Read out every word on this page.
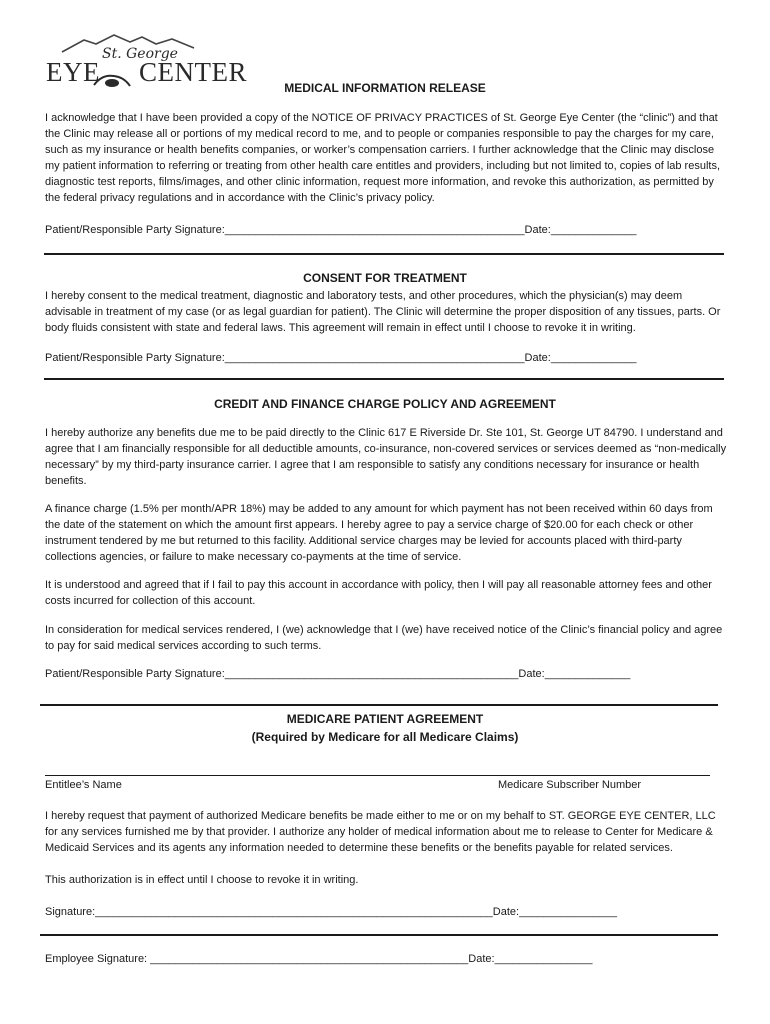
St. George
EYE CENTER
MEDICAL INFORMATION RELEASE

I acknowledge that I have been provided a copy of the NOTICE OF PRIVACY PRACTICES of St. George Eye Center (the “clinic”) and that the Clinic may release all or portions of my medical record to me, and to people or companies responsible to pay the charges for my care, such as my insurance or health benefits companies, or worker’s compensation carriers. I further acknowledge that the Clinic may disclose my patient information to referring or treating from other health care entitles and providers, including but not limited to, copies of lab results, diagnostic test reports, films/images, and other clinic information, request more information, and revoke this authorization, as permitted by the federal privacy regulations and in accordance with the Clinic’s privacy policy.

Patient/Responsible Party Signature:_________________________________________________Date:______________
CONSENT FOR TREATMENT

I hereby consent to the medical treatment, diagnostic and laboratory tests, and other procedures, which the physician(s) may deem advisable in treatment of my case (or as legal guardian for patient). The Clinic will determine the proper disposition of any tissues, parts. Or body fluids consistent with state and federal laws. This agreement will remain in effect until I choose to revoke it in writing.

Patient/Responsible Party Signature:_________________________________________________Date:______________
CREDIT AND FINANCE CHARGE POLICY AND AGREEMENT

I hereby authorize any benefits due me to be paid directly to the Clinic 617 E Riverside Dr. Ste 101, St. George UT 84790. I understand and agree that I am financially responsible for all deductible amounts, co-insurance, non-covered services or services deemed as “non-medically necessary” by my third-party insurance carrier. I agree that I am responsible to satisfy any conditions necessary for insurance or health benefits.

A finance charge (1.5% per month/APR 18%) may be added to any amount for which payment has not been received within 60 days from the date of the statement on which the amount first appears. I hereby agree to pay a service charge of $20.00 for each check or other instrument tendered by me but returned to this facility. Additional service charges may be levied for accounts placed with third-party collections agencies, or failure to make necessary co-payments at the time of service.

It is understood and agreed that if I fail to pay this account in accordance with policy, then I will pay all reasonable attorney fees and other costs incurred for collection of this account.

In consideration for medical services rendered, I (we) acknowledge that I (we) have received notice of the Clinic’s financial policy and agree to pay for said medical services according to such terms.

Patient/Responsible Party Signature:________________________________________________Date:______________
MEDICARE PATIENT AGREEMENT
(Required by Medicare for all Medicare Claims)
Entitlee’s Name	Medicare Subscriber Number

I hereby request that payment of authorized Medicare benefits be made either to me or on my behalf to ST. GEORGE EYE CENTER, LLC for any services furnished me by that provider. I authorize any holder of medical information about me to release to Center for Medicare & Medicaid Services and its agents any information needed to determine these benefits or the benefits payable for related services.

This authorization is in effect until I choose to revoke it in writing.

Signature:_________________________________________________________________Date:________________
Employee Signature: ____________________________________________________Date:________________
